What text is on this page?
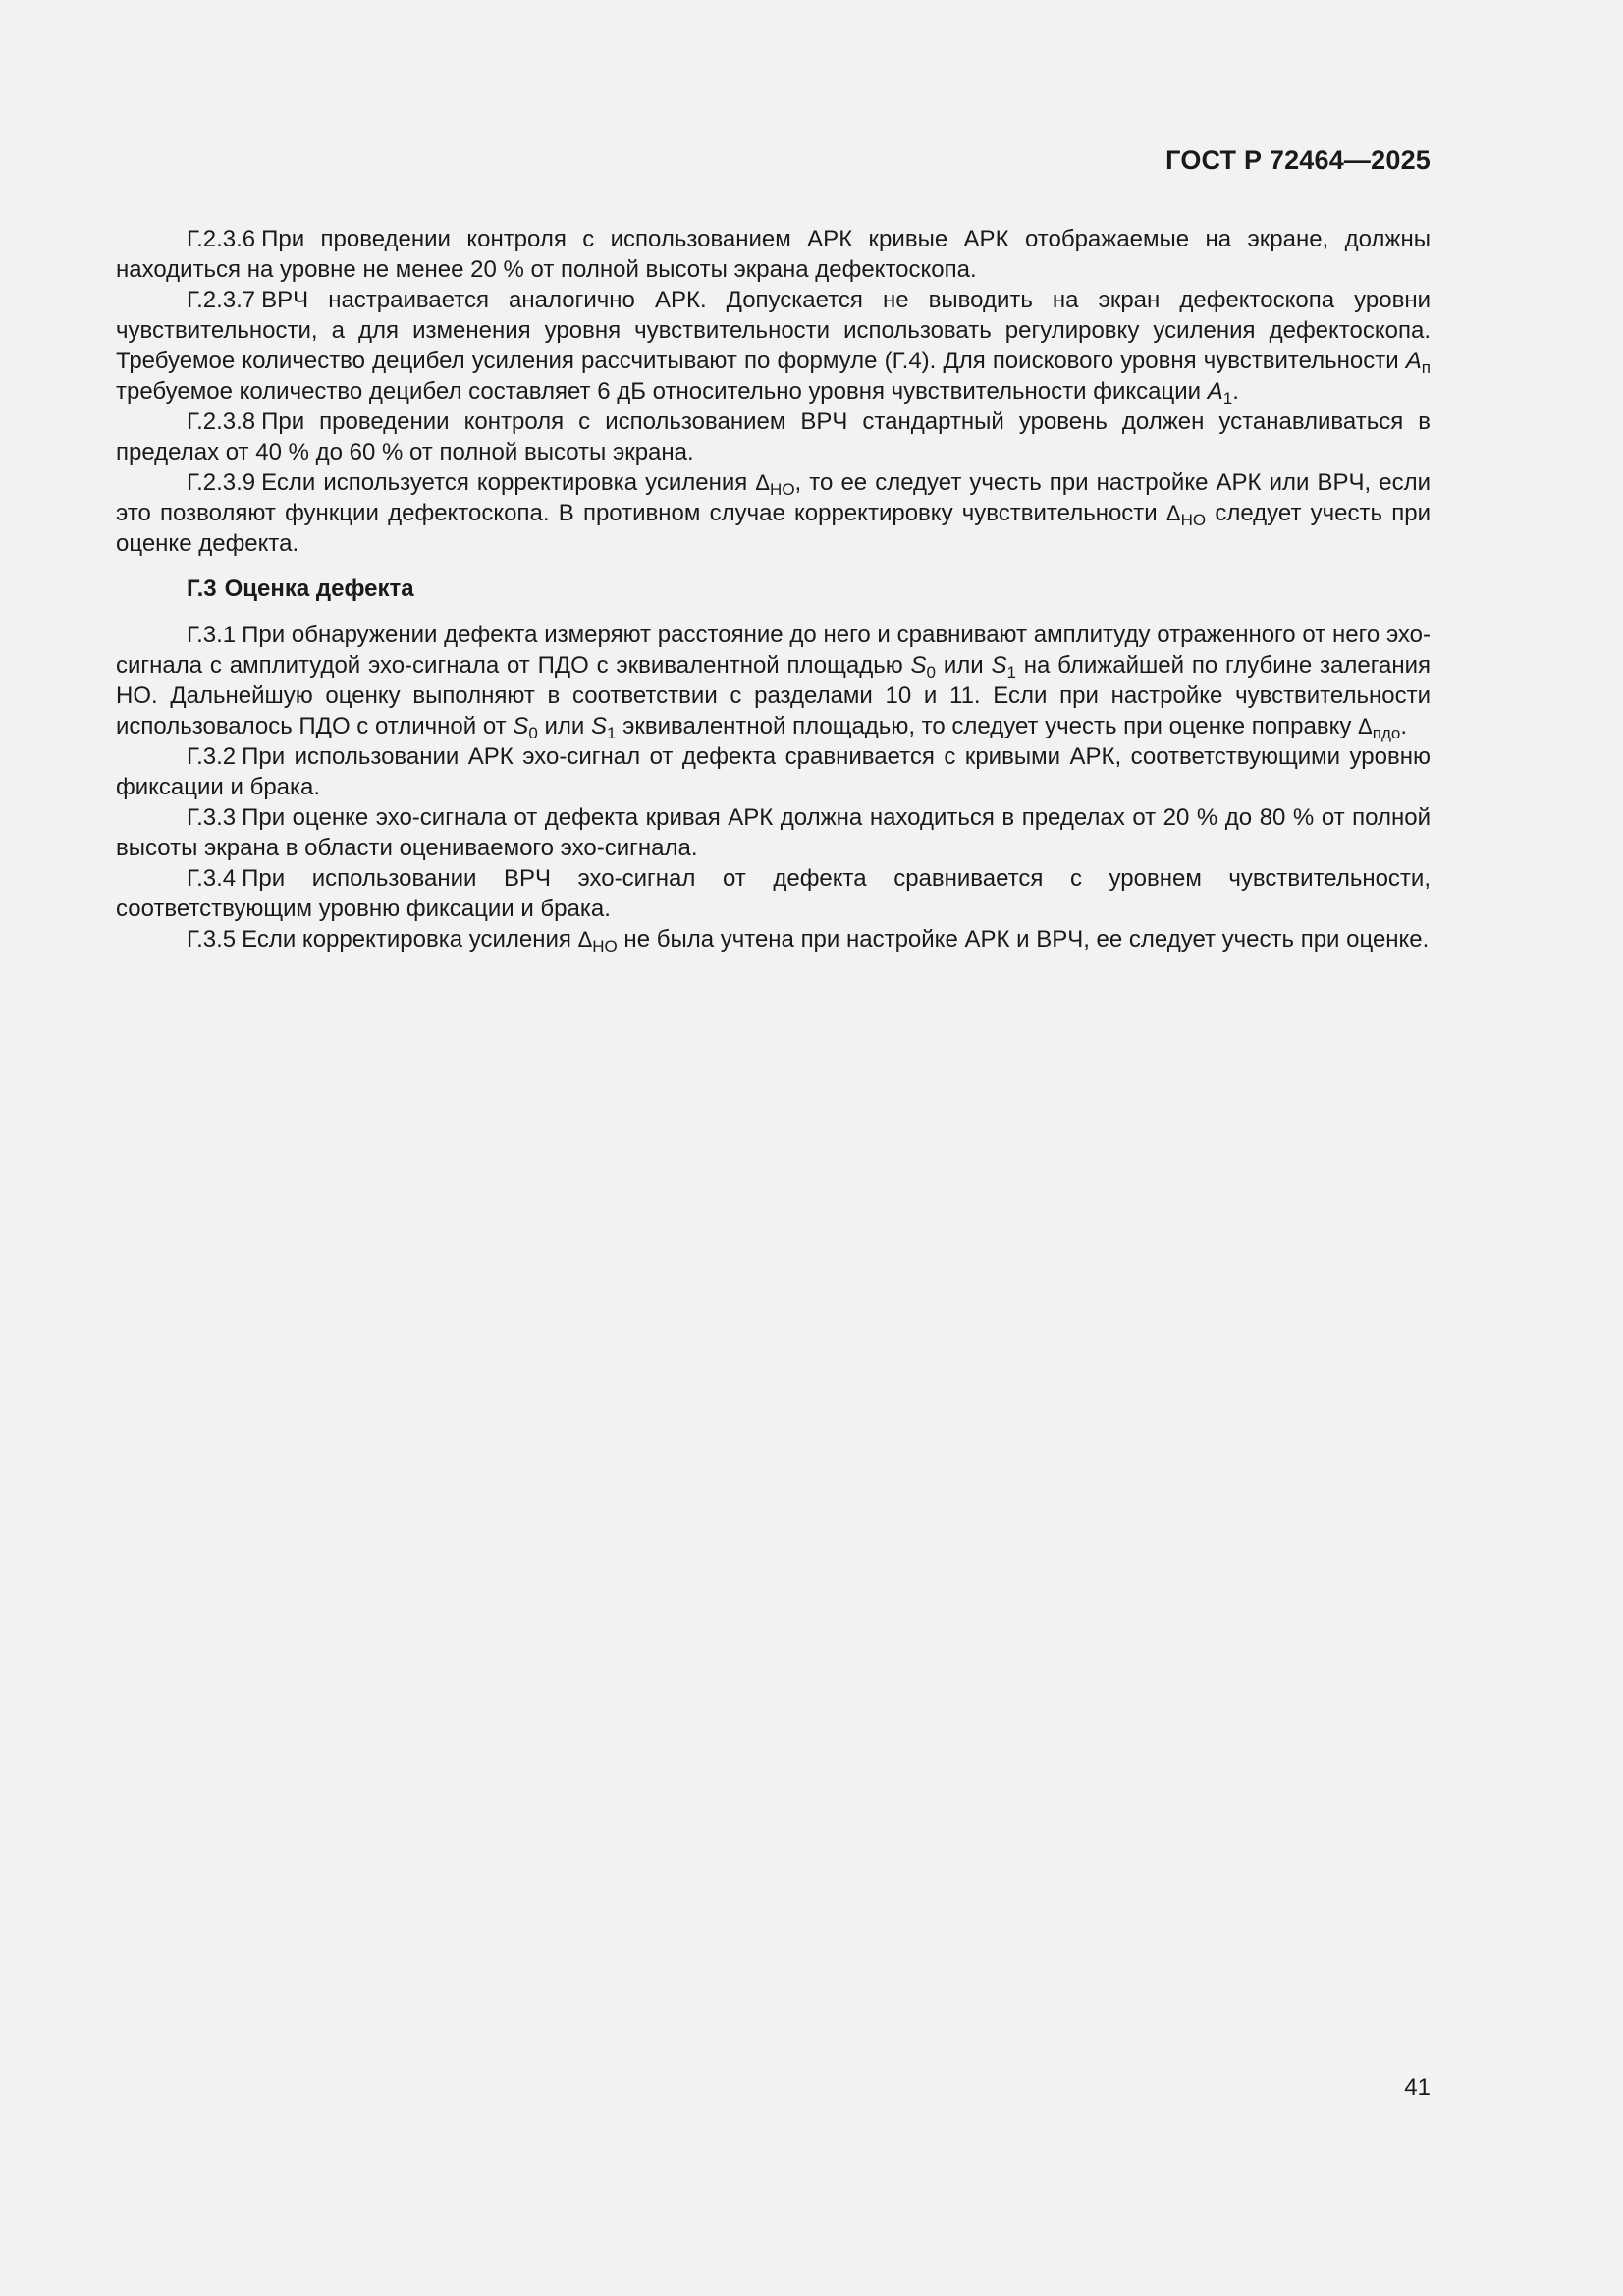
ГОСТ Р 72464—2025

Г.2.3.6 При проведении контроля с использованием АРК кривые АРК отображаемые на экране, должны находиться на уровне не менее 20 % от полной высоты экрана дефектоскопа.

Г.2.3.7 ВРЧ настраивается аналогично АРК. Допускается не выводить на экран дефектоскопа уровни чувствительности, а для изменения уровня чувствительности использовать регулировку усиления дефектоскопа. Требуемое количество децибел усиления рассчитывают по формуле (Г.4). Для поискового уровня чувствительности $A_п$ требуемое количество децибел составляет 6 дБ относительно уровня чувствительности фиксации $A_1$.

Г.2.3.8 При проведении контроля с использованием ВРЧ стандартный уровень должен устанавливаться в пределах от 40 % до 60 % от полной высоты экрана.

Г.2.3.9 Если используется корректировка усиления $\Delta_{НО}$, то ее следует учесть при настройке АРК или ВРЧ, если это позволяют функции дефектоскопа. В противном случае корректировку чувствительности $\Delta_{НО}$ следует учесть при оценке дефекта.

Г.3 Оценка дефекта

Г.3.1 При обнаружении дефекта измеряют расстояние до него и сравнивают амплитуду отраженного от него эхо-сигнала с амплитудой эхо-сигнала от ПДО с эквивалентной площадью $S_0$ или $S_1$ на ближайшей по глубине залегания НО. Дальнейшую оценку выполняют в соответствии с разделами 10 и 11. Если при настройке чувствительности использовалось ПДО с отличной от $S_0$ или $S_1$ эквивалентной площадью, то следует учесть при оценке поправку $\Delta_{пдо}$.

Г.3.2 При использовании АРК эхо-сигнал от дефекта сравнивается с кривыми АРК, соответствующими уровню фиксации и брака.

Г.3.3 При оценке эхо-сигнала от дефекта кривая АРК должна находиться в пределах от 20 % до 80 % от полной высоты экрана в области оцениваемого эхо-сигнала.

Г.3.4 При использовании ВРЧ эхо-сигнал от дефекта сравнивается с уровнем чувствительности, соответствующим уровню фиксации и брака.

Г.3.5 Если корректировка усиления $\Delta_{НО}$ не была учтена при настройке АРК и ВРЧ, ее следует учесть при оценке.

41
